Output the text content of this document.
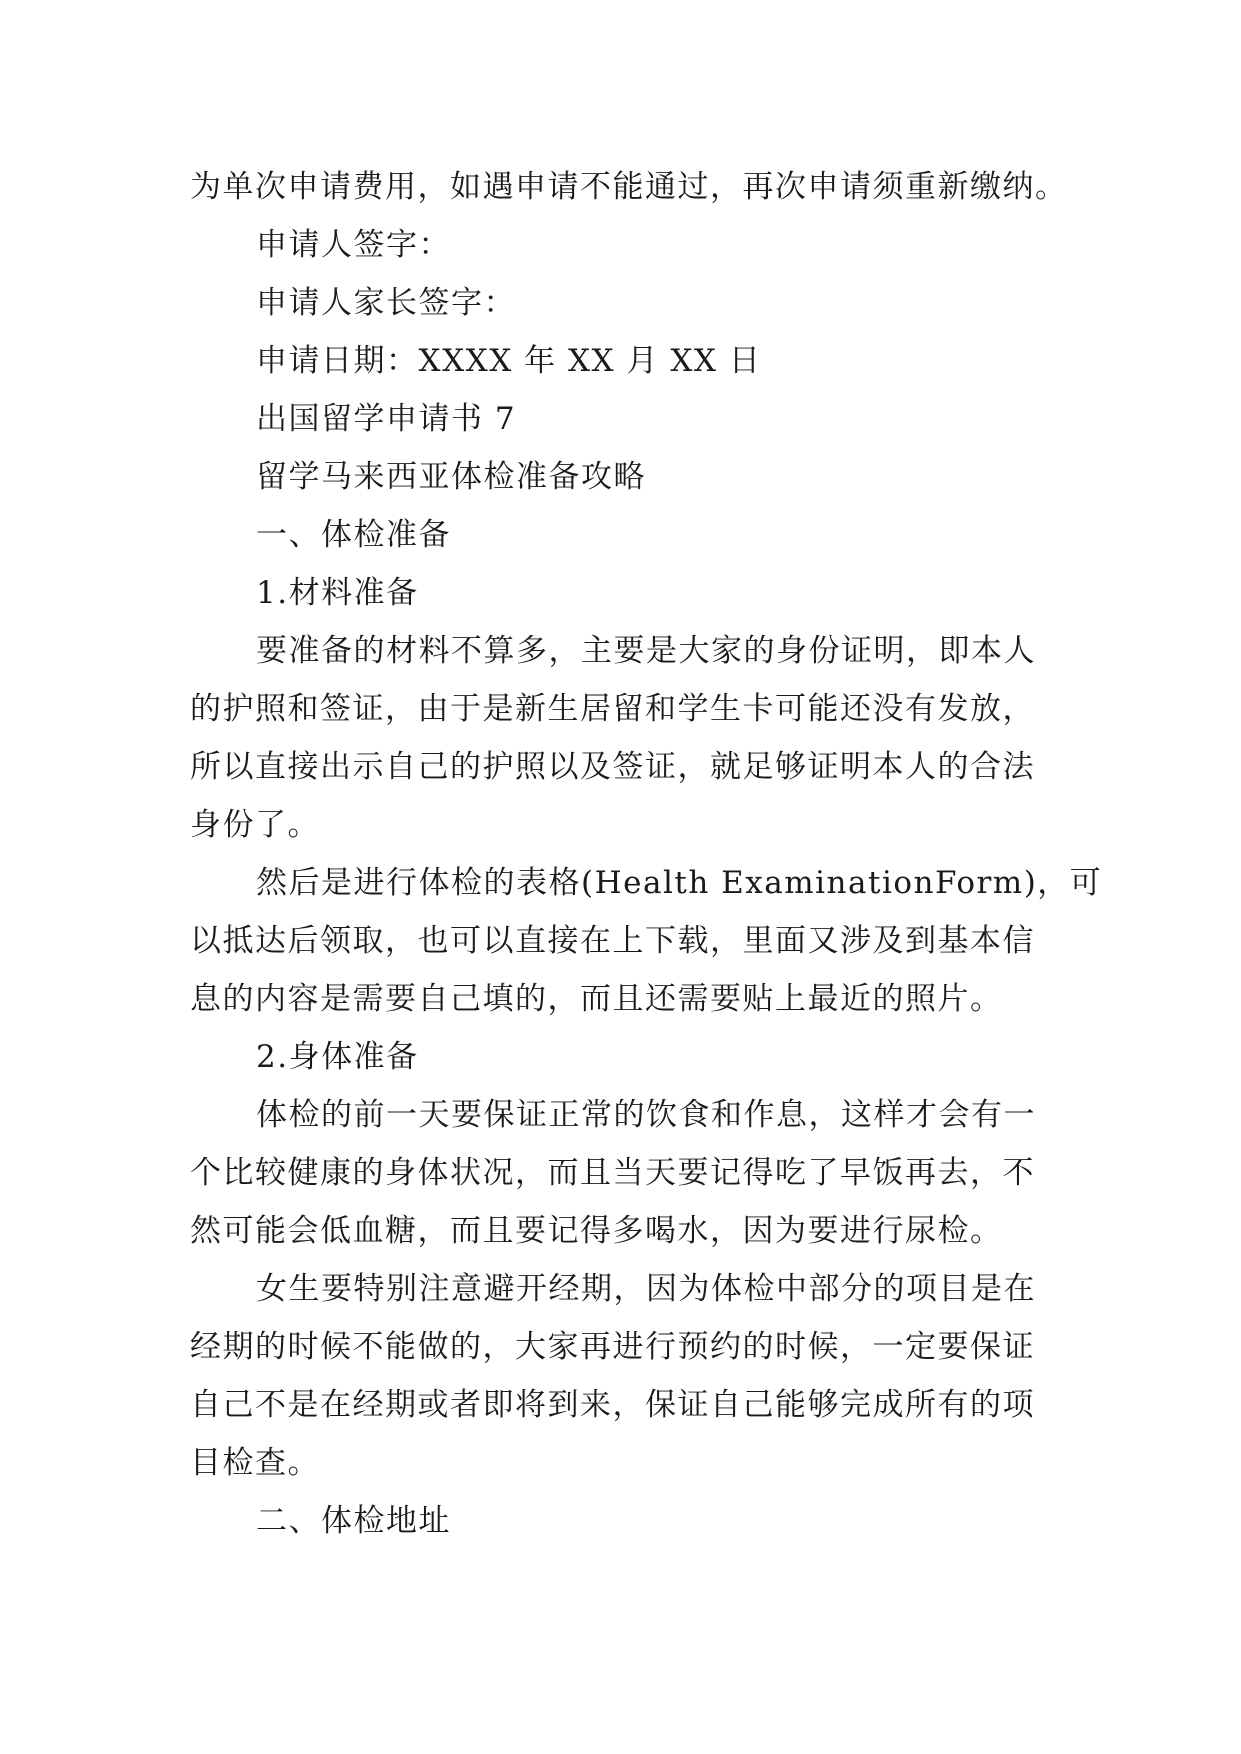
为单次申请费用，如遇申请不能通过，再次申请须重新缴纳。
申请人签字：
申请人家长签字：
申请日期：XXXX 年 XX 月 XX 日
出国留学申请书 7
留学马来西亚体检准备攻略
一、体检准备
1.材料准备
要准备的材料不算多，主要是大家的身份证明，即本人
的护照和签证，由于是新生居留和学生卡可能还没有发放，
所以直接出示自己的护照以及签证，就足够证明本人的合法
身份了。
然后是进行体检的表格(Health ExaminationForm)，可
以抵达后领取，也可以直接在上下载，里面又涉及到基本信
息的内容是需要自己填的，而且还需要贴上最近的照片。
2.身体准备
体检的前一天要保证正常的饮食和作息，这样才会有一
个比较健康的身体状况，而且当天要记得吃了早饭再去，不
然可能会低血糖，而且要记得多喝水，因为要进行尿检。
女生要特别注意避开经期，因为体检中部分的项目是在
经期的时候不能做的，大家再进行预约的时候，一定要保证
自己不是在经期或者即将到来，保证自己能够完成所有的项
目检查。
二、体检地址
